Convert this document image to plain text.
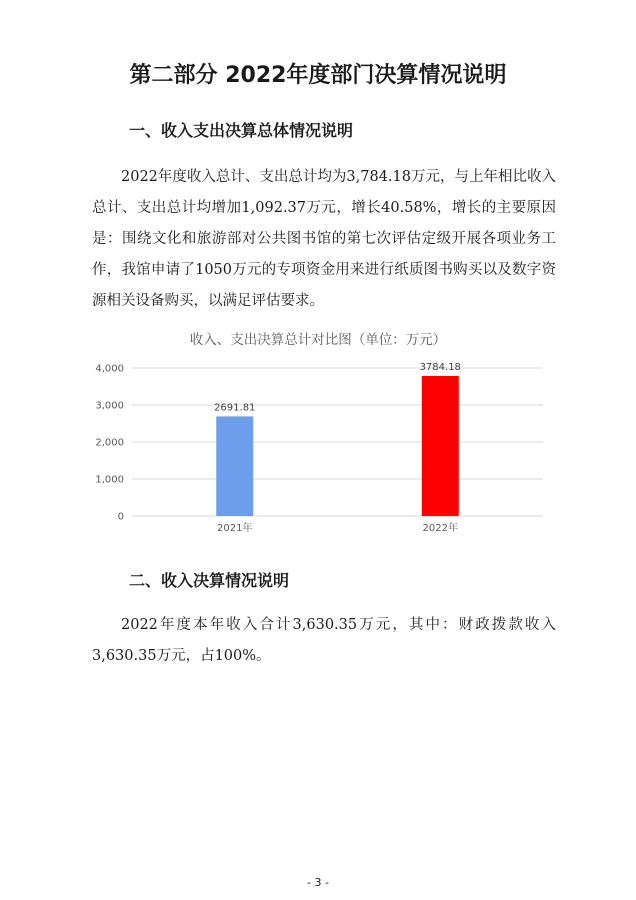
第二部分 2022年度部门决算情况说明
一、收入支出决算总体情况说明

2022年度收入总计、支出总计均为3,784.18万元，与上年相比收入总计、支出总计均增加1,092.37万元，增长40.58%，增长的主要原因是：围绕文化和旅游部对公共图书馆的第七次评估定级开展各项业务工作，我馆申请了1050万元的专项资金用来进行纸质图书购买以及数字资源相关设备购买，以满足评估要求。

收入、支出决算总计对比图（单位：万元）
0
1,000
2,000
3,000
4,000
2691.81
3784.18
2021年	2022年
二、收入决算情况说明

2022年度本年收入合计3,630.35万元，其中：财政拨款收入3,630.35万元，占100%。

- 3 -
